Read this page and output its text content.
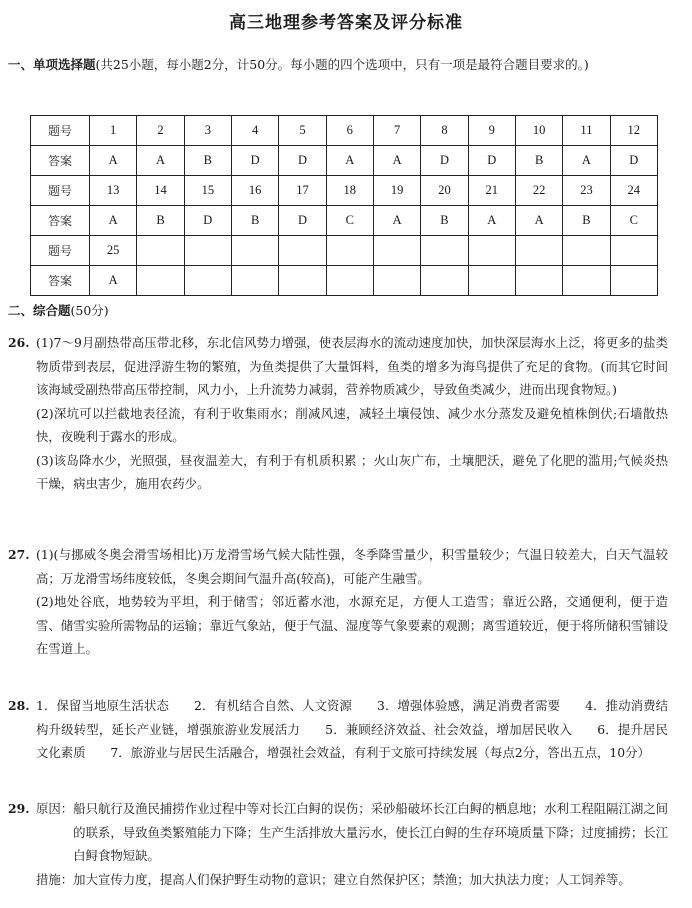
高三地理参考答案及评分标准
一、单项选择题(共25小题，每小题2分，计50分。每小题的四个选项中，只有一项是最符合题目要求的。)
题号	1	2	3	4	5	6	7	8	9	10	11	12
答案	A	A	B	D	D	A	A	D	D	B	A	D
题号	13	14	15	16	17	18	19	20	21	22	23	24
答案	A	B	D	B	D	C	A	B	A	A	B	C
题号	25											
答案	A											
二、综合题(50分)
26. (1)7～9月副热带高压带北移，东北信风势力增强，使表层海水的流动速度加快，加快深层海水上泛，将更多的盐类物质带到表层，促进浮游生物的繁殖，为鱼类提供了大量饵料，鱼类的增多为海鸟提供了充足的食物。(而其它时间该海域受副热带高压带控制，风力小，上升流势力减弱，营养物质减少，导致鱼类减少，进而出现食物短。)
(2)深坑可以拦截地表径流，有利于收集雨水；削减风速，减轻土壤侵蚀、减少水分蒸发及避免植株倒伏;石墙散热快，夜晚利于露水的形成。
(3)该岛降水少，光照强，昼夜温差大，有利于有机质积累 ；火山灰广布，土壤肥沃，避免了化肥的滥用;气候炎热干燥，病虫害少，施用农药少。
27. (1)(与挪威冬奥会滑雪场相比)万龙滑雪场气候大陆性强，冬季降雪量少，积雪量较少；气温日较差大，白天气温较高；万龙滑雪场纬度较低，冬奥会期间气温升高(较高)，可能产生融雪。
(2)地处谷底，地势较为平坦，利于储雪；邻近蓄水池，水源充足，方便人工造雪；靠近公路，交通便利，便于造雪、储雪实验所需物品的运输；靠近气象站，便于气温、湿度等气象要素的观测；离雪道较近，便于将所储积雪铺设在雪道上。
28. 1．保留当地原生活状态　　2．有机结合自然、人文资源　　3．增强体验感，满足消费者需要　　4．推动消费结构升级转型，延长产业链，增强旅游业发展活力　　5．兼顾经济效益、社会效益，增加居民收入　　6．提升居民文化素质　　7．旅游业与居民生活融合，增强社会效益，有利于文旅可持续发展（每点2分，答出五点，10分）
29. 原因： 船只航行及渔民捕捞作业过程中等对长江白鲟的误伤；采砂船破坏长江白鲟的栖息地；水利工程阻隔江湖之间的联系，导致鱼类繁殖能力下降；生产生活排放大量污水，使长江白鲟的生存环境质量下降；过度捕捞；长江白鲟食物短缺。
措施： 加大宣传力度，提高人们保护野生动物的意识；建立自然保护区；禁渔；加大执法力度；人工饲养等。
